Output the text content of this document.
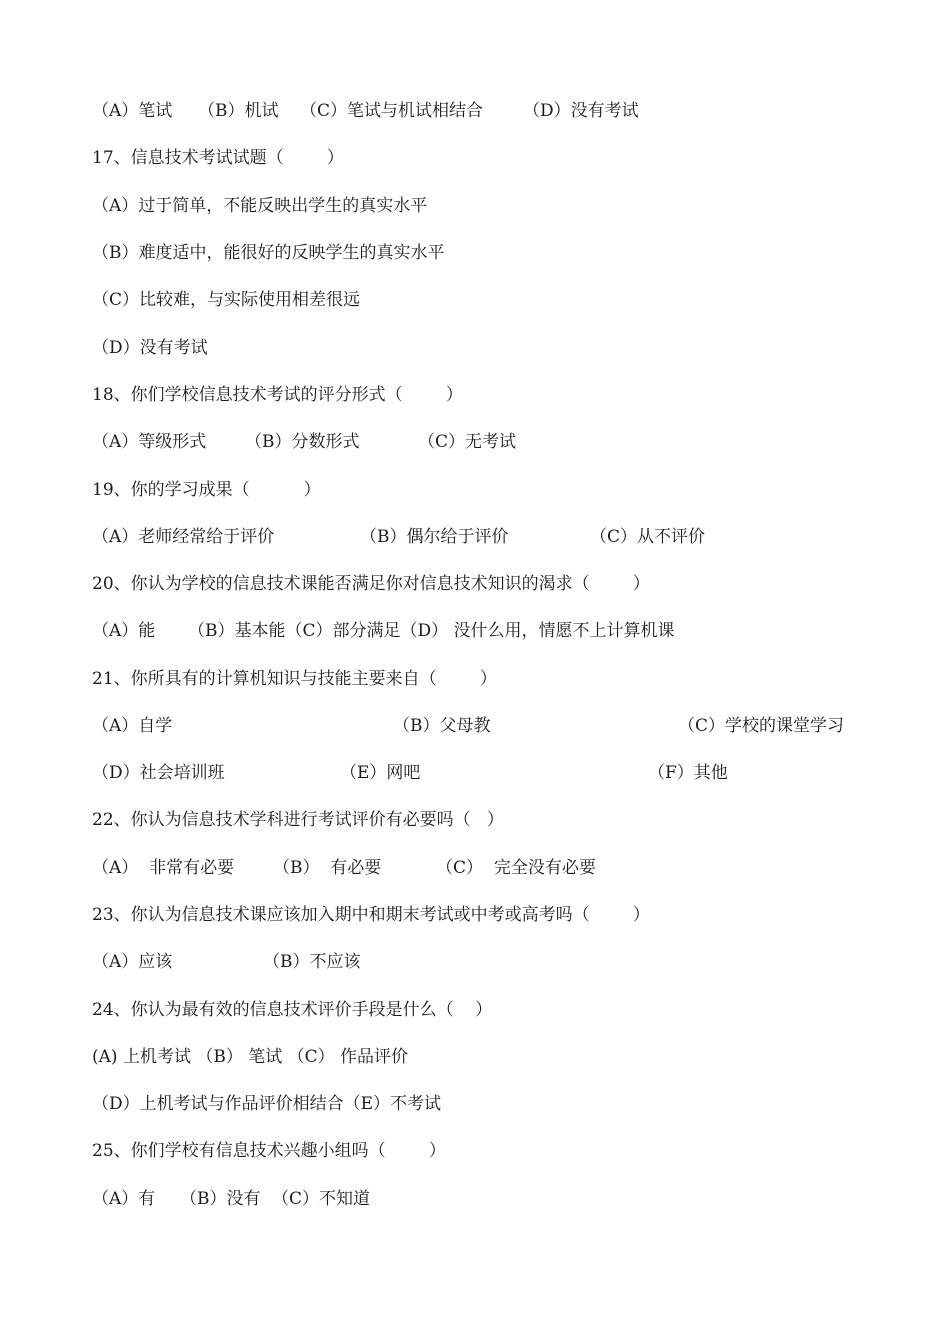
（A）笔试 （B）机试 （C）笔试与机试相结合 （D）没有考试
17、信息技术考试试题（        ）
（A）过于简单，不能反映出学生的真实水平
（B）难度适中，能很好的反映学生的真实水平
（C）比较难，与实际使用相差很远
（D）没有考试
18、你们学校信息技术考试的评分形式（        ）
（A）等级形式 （B）分数形式	（C）无考试
19、你的学习成果（          ）
（A）老师经常给于评价	（B）偶尔给于评价	（C）从不评价
20、你认为学校的信息技术课能否满足你对信息技术知识的渴求（        ）
（A）能 （B）基本能（C）部分满足（D） 没什么用，情愿不上计算机课
21、你所具有的计算机知识与技能主要来自（        ）
（A）自学	（B）父母教	（C）学校的课堂学习
（D）社会培训班	（E）网吧	（F）其他
22、你认为信息技术学科进行考试评价有必要吗（   ）
（A）  非常有必要 （B）  有必要	（C）  完全没有必要
23、你认为信息技术课应该加入期中和期末考试或中考或高考吗（        ）
（A）应该	（B）不应该
24、你认为最有效的信息技术评价手段是什么（    ）
(A) 上机考试 （B） 笔试 （C） 作品评价
（D）上机考试与作品评价相结合（E）不考试
25、你们学校有信息技术兴趣小组吗（        ）
（A）有 （B）没有 （C）不知道
